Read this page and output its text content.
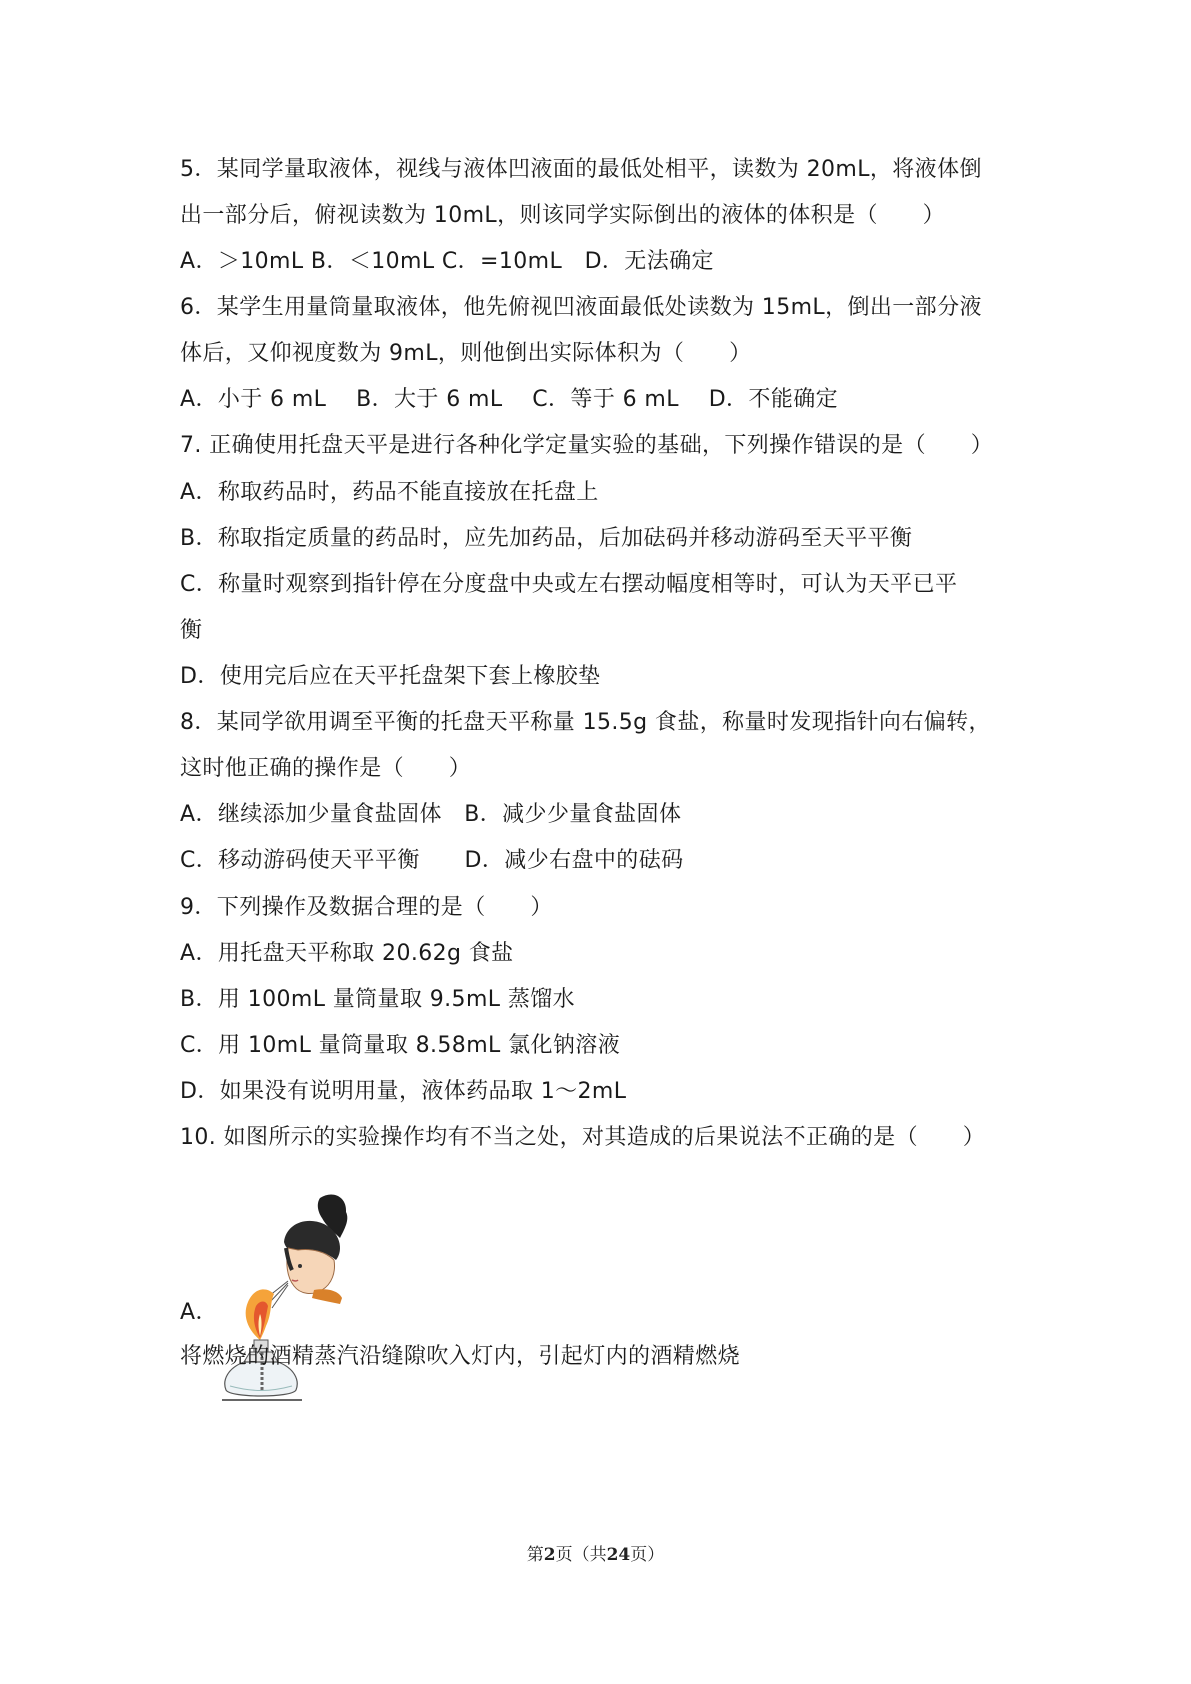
5．某同学量取液体，视线与液体凹液面的最低处相平，读数为 20mL，将液体倒
出一部分后，俯视读数为 10mL，则该同学实际倒出的液体的体积是（　　）
A．＞10mL B．＜10mL C．=10mL　D．无法确定
6．某学生用量筒量取液体，他先俯视凹液面最低处读数为 15mL，倒出一部分液
体后，又仰视度数为 9mL，则他倒出实际体积为（　　）
A．小于 6 mL　 B．大于 6 mL　 C．等于 6 mL　 D．不能确定
7. 正确使用托盘天平是进行各种化学定量实验的基础，下列操作错误的是（　　）
A．称取药品时，药品不能直接放在托盘上
B．称取指定质量的药品时，应先加药品，后加砝码并移动游码至天平平衡
C．称量时观察到指针停在分度盘中央或左右摆动幅度相等时，可认为天平已平
衡
D．使用完后应在天平托盘架下套上橡胶垫
8．某同学欲用调至平衡的托盘天平称量 15.5g 食盐，称量时发现指针向右偏转，
这时他正确的操作是（　　）
A．继续添加少量食盐固体　B．减少少量食盐固体
C．移动游码使天平平衡　　D．减少右盘中的砝码
9．下列操作及数据合理的是（　　）
A．用托盘天平称取 20.62g 食盐
B．用 100mL 量筒量取 9.5mL 蒸馏水
C．用 10mL 量筒量取 8.58mL 氯化钠溶液
D．如果没有说明用量，液体药品取 1～2mL
10. 如图所示的实验操作均有不当之处，对其造成的后果说法不正确的是（　　）
A．
将燃烧的酒精蒸汽沿缝隙吹入灯内，引起灯内的酒精燃烧
第2页（共24页）
